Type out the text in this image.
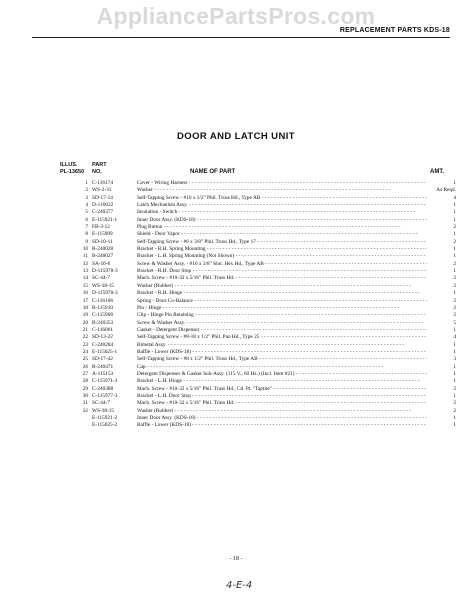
AppliancePartsPros.com
REPLACEMENT PARTS KDS-18
DOOR AND LATCH UNIT
ILLUS.
PL-13650
PART
NO.	NAME OF PART	AMT.
1 C-116174	Cover - Wiring Harness - - -	1
2 WS-2-31	Washer - - -	As Reqd.
3 SD-17-14	Self-Tapping Screw - #10 x 1/2" Phil. Truss Hd., Type AB - - -	4
4 D-116022	Latch Mechanism Assy. - - -	1
5 C-240377	Insulation - Switch - - -	1
6 E-115921-1	Inner Door Assy. (KDS-18) - - -	1
7 FB-3-12	Plug Button - - -	2
8 E-115909	Shield - Door Vapor - - -	1
9 SD-10-11	Self-Tapping Screw - #6 x 3/8" Phil. Truss Hd., Type 17 - - -	2
10 B-240028	Bracket - R.H. Spring Mounting - - -	1
11 B-240027	Bracket - L.H. Spring Mounting (Not Shown) - - -	1
12 SA-16-6	Screw & Washer Assy. - #10 x 3/8" Slot. Hex Hd., Type AB - - -	2
13 D-115978-3	Bracket - R.H. Door Stop - - -	1
14 SC-44-7	Mach. Screw - #10-32 x 5/16" Phil. Truss Hd. - - -	2
15 WS-38-15	Washer (Rubber) - - -	2
16 D-115970-3	Bracket - R.H. Hinge - - -	1
17 C-116106	Spring - Door Co-Balance - - -	2
18 B-115910	Pin - Hinge - - -	2
19 C-115908	Clip - Hinge Pin Retaining - - -	2
20 B-240353	Screw & Washer Assy. - - -	5
21 C-116061	Gasket - Detergent Dispenser - - -	1
22 SD-13-22	Self-Tapping Screw - #8-18 x 1/2" Phil. Pan Hd., Type 25 - - -	4
23 C-240284	Bimetal Assy. - - -	1
24 E-115025-1	Baffle - Lower (KDS-18) - - -	1
25 SD-17-42	Self-Tapping Screw - #8 x 1/2" Phil. Truss Hd., Type AB - - -	3
26 B-240471	Cap - - -	1
27 A-115153	Detergent Dispenser & Gasket Sub-Assy. (115 V., 60 Hz.) (Incl. Item #21) - - -	1
28 C-115971-3	Bracket - L.H. Hinge - - -	1
29 C-240388	Mach. Screw - #10-32 x 5/16" Phil. Truss Hd., Cd. Pt. "Taptite" - - -	2
30 C-115977-3	Bracket - L.H. Door Stop - - -	1
31 SC-44-7	Mach. Screw - #10-32 x 5/16" Phil. Truss Hd. - - -	2
32 WS-38-15	Washer (Rubber) - - -	2
E-115921-2	Inner Door Assy. (KDS-18) - - -	1
E-115025-2	Baffle - Lower (KDS-18) - - -	1
- 18 -
4-E-4
